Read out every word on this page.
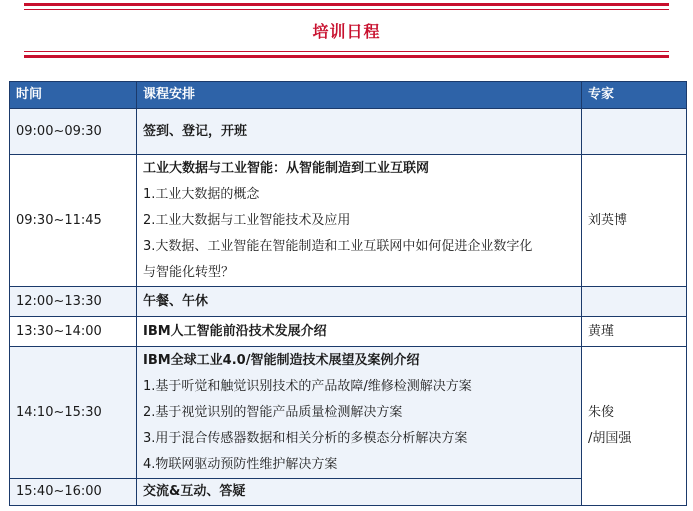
培训日程
时间	课程安排	专家
09:00~09:30	签到、登记，开班	
09:30~11:45	工业大数据与工业智能：从智能制造到工业互联网
1.工业大数据的概念
2.工业大数据与工业智能技术及应用
3.大数据、工业智能在智能制造和工业互联网中如何促进企业数字化
与智能化转型？	刘英博
12:00~13:30	午餐、午休	
13:30~14:00	IBM人工智能前沿技术发展介绍	黄瑾
14:10~15:30	IBM全球工业4.0/智能制造技术展望及案例介绍
1.基于听觉和触觉识别技术的产品故障/维修检测解决方案
2.基于视觉识别的智能产品质量检测解决方案
3.用于混合传感器数据和相关分析的多模态分析解决方案
4.物联网驱动预防性维护解决方案	朱俊
/胡国强

15:40~16:00	交流&互动、答疑	
